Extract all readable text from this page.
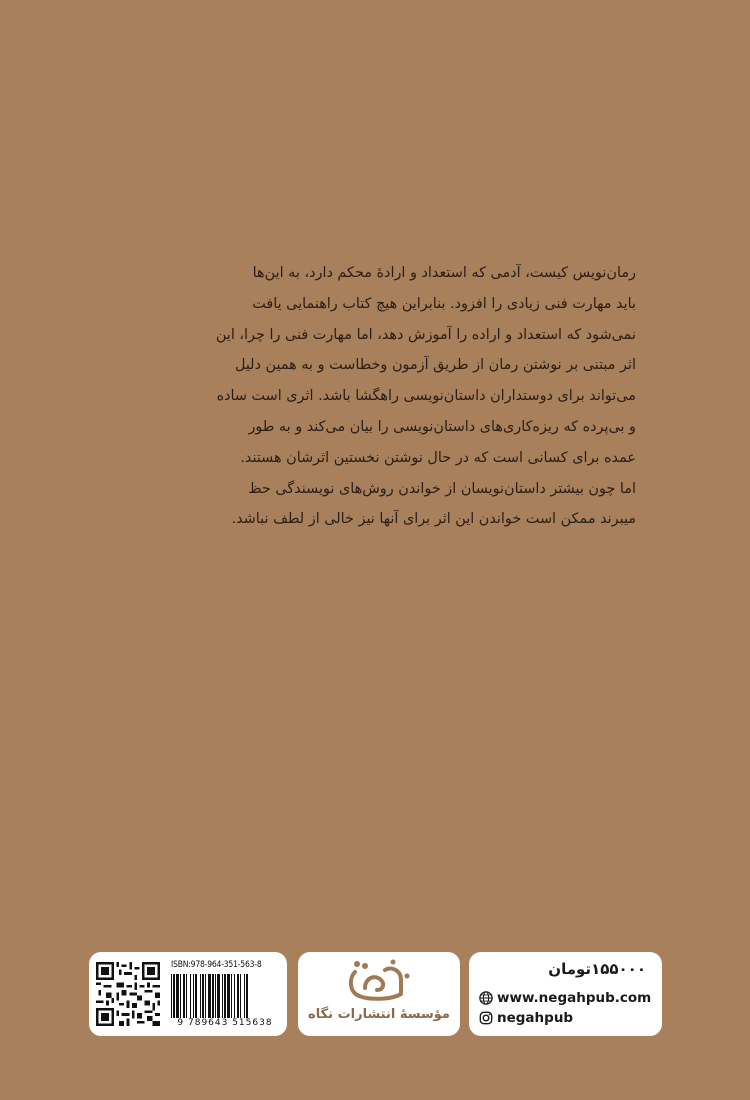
رمان‌نویس کیست، آدمی که استعداد و ارادهٔ محکم دارد، به این‌ها

باید مهارت فنی زیادی را افزود. بنابراین هیچ کتاب راهنمایی یافت

نمی‌شود که استعداد و اراده را آموزش دهد، اما مهارت فنی را چرا، این

اثر مبتنی بر نوشتن رمان از طریق آزمون وخطاست و به همین دلیل

می‌تواند برای دوستداران داستان‌نویسی راهگشا باشد. اثری است ساده

و بی‌پرده که ریزه‌کاری‌های داستان‌نویسی را بیان می‌کند و به طور

عمده برای کسانی است که در حال نوشتن نخستین اثرشان هستند.

اما چون بیشتر داستان‌نویسان از خواندن روش‌های نویسندگی حظ

میبرند ممکن است خواندن این اثر برای آنها نیز خالی از لطف نباشد.

ISBN:978-964-351-563-8
9 789643 515638
مؤسسهٔ انتشارات نگاه
۱۵۵۰۰۰تومان
www.negahpub.com
negahpub
